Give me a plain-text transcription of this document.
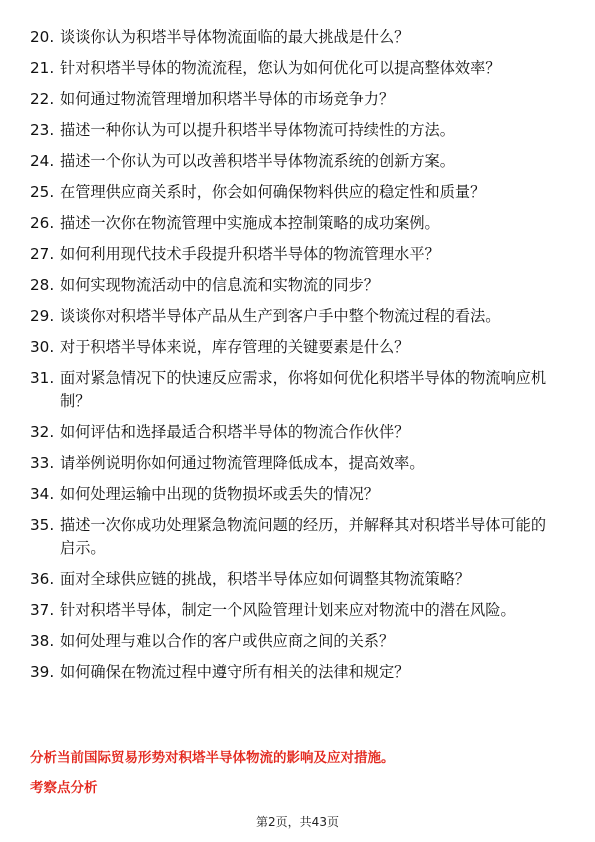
20. 谈谈你认为积塔半导体物流面临的最大挑战是什么？
21. 针对积塔半导体的物流流程，您认为如何优化可以提高整体效率？
22. 如何通过物流管理增加积塔半导体的市场竞争力？
23. 描述一种你认为可以提升积塔半导体物流可持续性的方法。
24. 描述一个你认为可以改善积塔半导体物流系统的创新方案。
25. 在管理供应商关系时，你会如何确保物料供应的稳定性和质量？
26. 描述一次你在物流管理中实施成本控制策略的成功案例。
27. 如何利用现代技术手段提升积塔半导体的物流管理水平？
28. 如何实现物流活动中的信息流和实物流的同步？
29. 谈谈你对积塔半导体产品从生产到客户手中整个物流过程的看法。
30. 对于积塔半导体来说，库存管理的关键要素是什么？
31. 面对紧急情况下的快速反应需求，你将如何优化积塔半导体的物流响应机制？
32. 如何评估和选择最适合积塔半导体的物流合作伙伴？
33. 请举例说明你如何通过物流管理降低成本，提高效率。
34. 如何处理运输中出现的货物损坏或丢失的情况？
35. 描述一次你成功处理紧急物流问题的经历，并解释其对积塔半导体可能的启示。
36. 面对全球供应链的挑战，积塔半导体应如何调整其物流策略？
37. 针对积塔半导体，制定一个风险管理计划来应对物流中的潜在风险。
38. 如何处理与难以合作的客户或供应商之间的关系？
39. 如何确保在物流过程中遵守所有相关的法律和规定？
分析当前国际贸易形势对积塔半导体物流的影响及应对措施。
考察点分析
第2页，共43页
